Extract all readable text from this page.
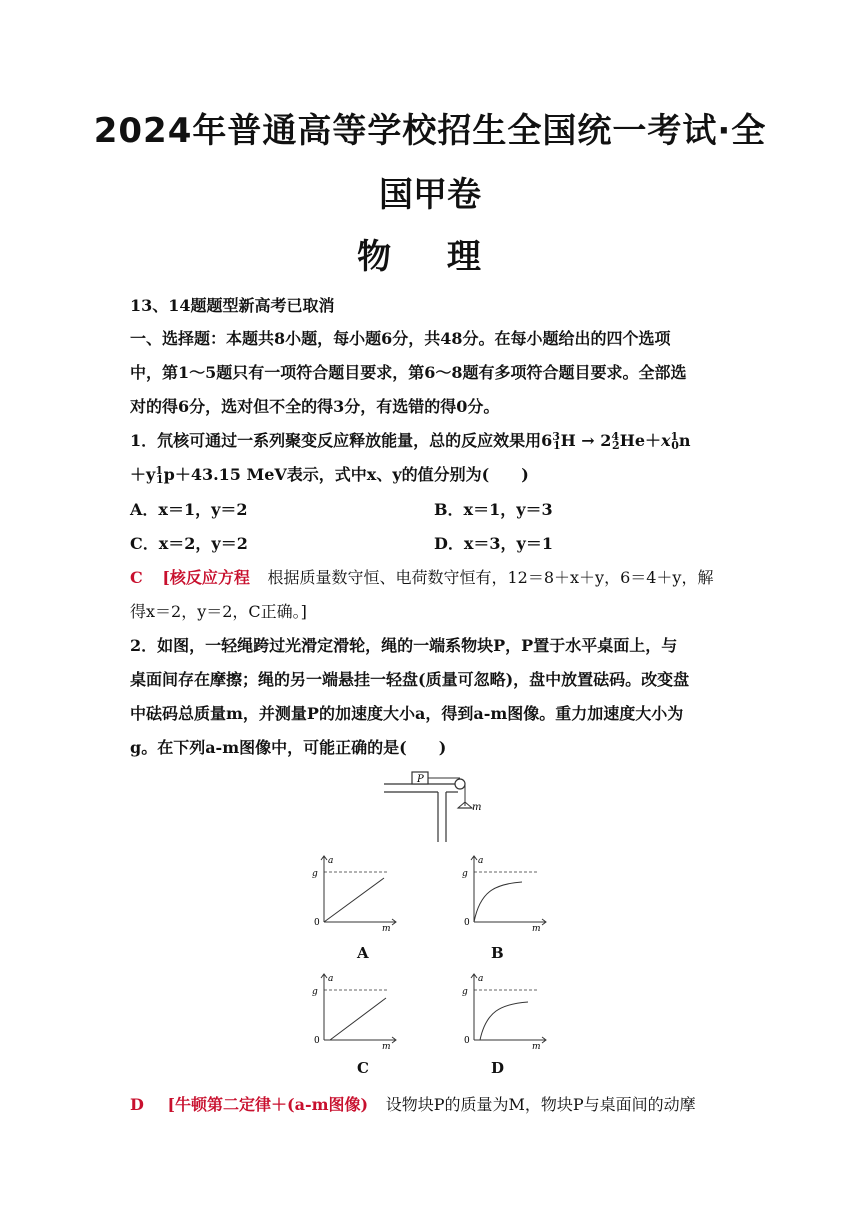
2024年普通高等学校招生全国统一考试·全
国甲卷
物 理
13、14题题型新高考已取消
一、选择题：本题共8小题，每小题6分，共48分。在每小题给出的四个选项
中，第1～5题只有一项符合题目要求，第6～8题有多项符合题目要求。全部选
对的得6分，选对但不全的得3分，有选错的得0分。
1．氘核可通过一系列聚变反应释放能量，总的反应效果用$6^3_1H \to 2^4_2He+x^1_0n$
$+y^1_1p+43.15$ MeV表示，式中x、y的值分别为(　　)
A．x＝1，y＝2	B．x＝1，y＝3
C．x＝2，y＝2	D．x＝3，y＝1
C [核反应方程 根据质量数守恒、电荷数守恒有，12＝8＋x＋y，6＝4＋y，解
得x＝2，y＝2，C正确。]
2．如图，一轻绳跨过光滑定滑轮，绳的一端系物块P，P置于水平桌面上，与
桌面间存在摩擦；绳的另一端悬挂一轻盘(质量可忽略)，盘中放置砝码。改变盘
中砝码总质量m，并测量P的加速度大小a，得到a-m图像。重力加速度大小为
g。在下列a-m图像中，可能正确的是(　　)
P
m
a
g
0
m
A
a
g
0
m
B
a
g
0
m
C
a
g
0
m
D
D [牛顿第二定律＋(a-m图像) 设物块P的质量为M，物块P与桌面间的动摩
